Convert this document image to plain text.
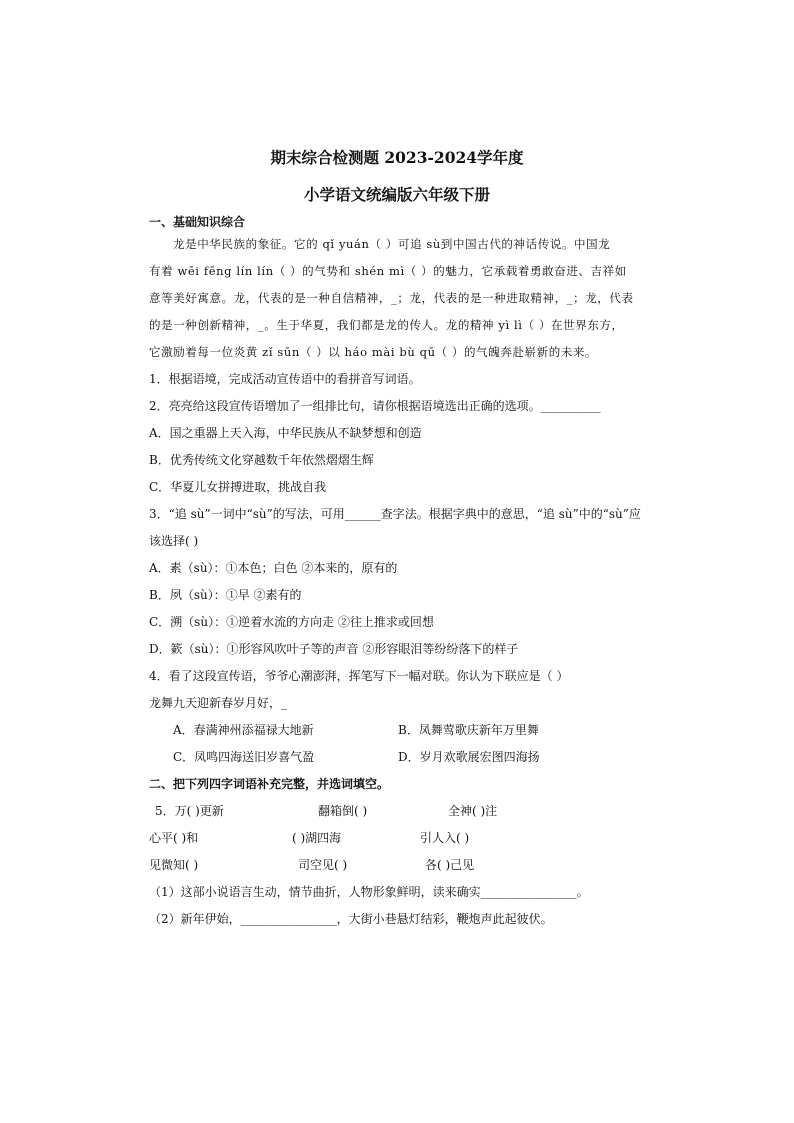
期末综合检测题 2023-2024学年度
小学语文统编版六年级下册
一、基础知识综合
龙是中华民族的象征。它的 qǐ yuán（ ）可追 sù到中国古代的神话传说。中国龙
有着 wēi fēng lín lín（ ）的气势和 shén mì（ ）的魅力，它承载着勇敢奋进、吉祥如
意等美好寓意。龙，代表的是一种自信精神，_；龙，代表的是一种进取精神，_；龙，代表
的是一种创新精神，_。生于华夏，我们都是龙的传人。龙的精神 yì lì（ ）在世界东方，
它激励着每一位炎黄 zǐ sūn（ ）以 háo mài bù qū（ ）的气魄奔赴崭新的未来。
1．根据语境，完成活动宣传语中的看拼音写词语。
2．亮亮给这段宣传语增加了一组排比句，请你根据语境选出正确的选项。__________
A．国之重器上天入海，中华民族从不缺梦想和创造
B．优秀传统文化穿越数千年依然熠熠生辉
C．华夏儿女拼搏进取，挑战自我
3．“追 sù”一词中“sù”的写法，可用______查字法。根据字典中的意思，“追 sù”中的“sù”应
该选择( )
A．素（sù）：①本色；白色 ②本来的，原有的
B．夙（sù）：①早 ②素有的
C．溯（sù）：①逆着水流的方向走 ②往上推求或回想
D．簌（sù）：①形容风吹叶子等的声音 ②形容眼泪等纷纷落下的样子
4．看了这段宣传语，爷爷心潮澎湃，挥笔写下一幅对联。你认为下联应是（ ）
龙舞九天迎新春岁月好，_
A．春满神州添福禄大地新	B．凤舞莺歌庆新年万里舞
C．凤鸣四海送旧岁喜气盈	D．岁月欢歌展宏图四海扬
二、把下列四字词语补充完整，并选词填空。
5．万( )更新	翻箱倒( )	全神( )注
心平( )和	( )湖四海	引人入( )
见微知( )	司空见( )	各( )己见
（1）这部小说语言生动，情节曲折，人物形象鲜明，读来确实________________。
（2）新年伊始，________________，大街小巷悬灯结彩，鞭炮声此起彼伏。
